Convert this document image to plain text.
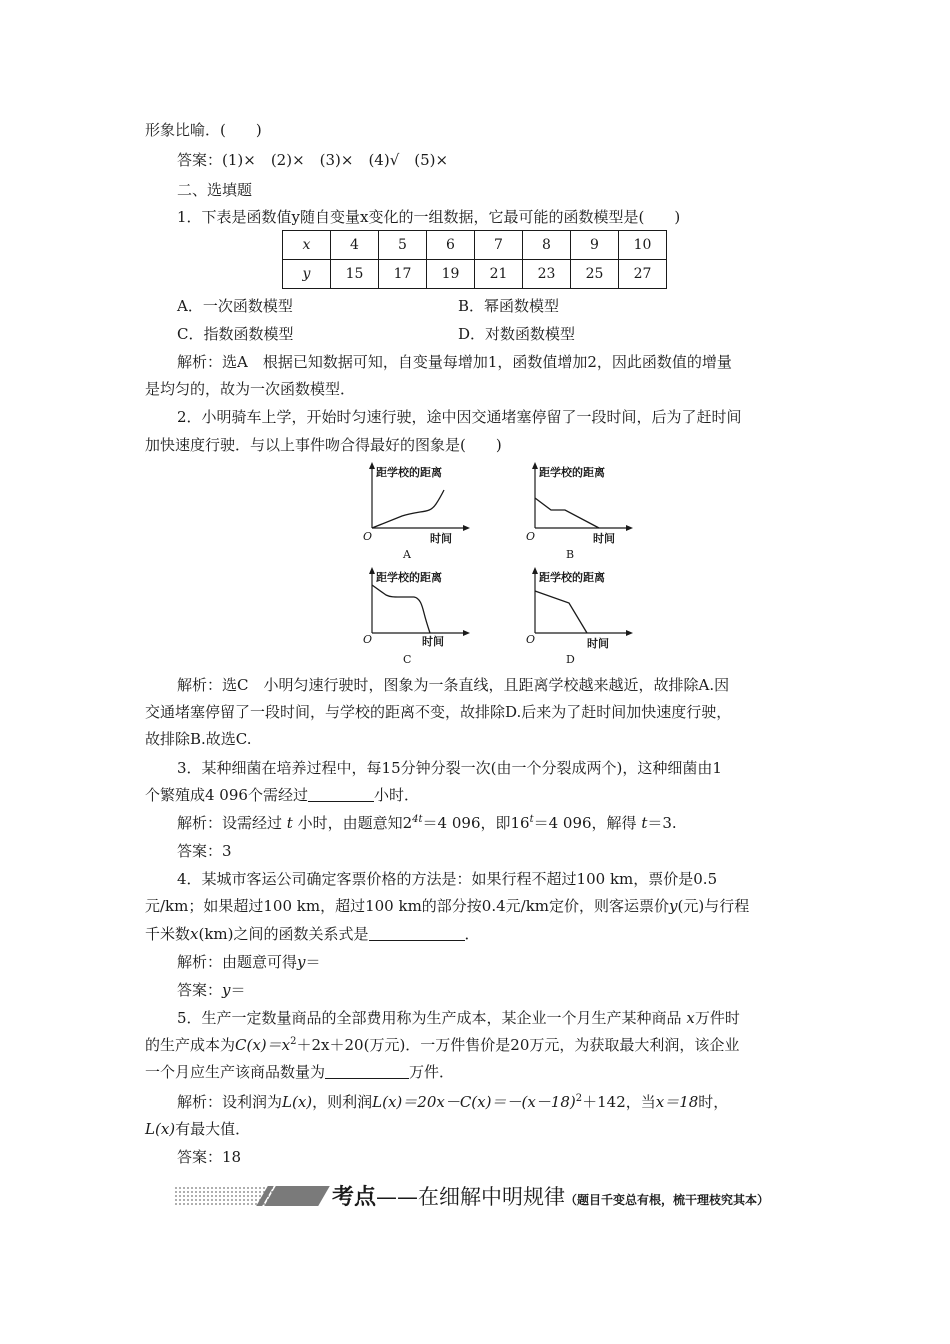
形象比喻．(　　)
答案：(1)×　(2)×　(3)×　(4)√　(5)×
二、选填题
1．下表是函数值y随自变量x变化的一组数据，它最可能的函数模型是(　　)
x	4	5	6	7	8	9	10
y	15	17	19	21	23	25	27
A．一次函数模型	B．幂函数模型
C．指数函数模型	D．对数函数模型
解析：选A　根据已知数据可知，自变量每增加1，函数值增加2，因此函数值的增量
是均匀的，故为一次函数模型．
2．小明骑车上学，开始时匀速行驶，途中因交通堵塞停留了一段时间，后为了赶时间
加快速度行驶．与以上事件吻合得最好的图象是(　　)
距学校的距离
O	时间
A
距学校的距离
O	时间
B
距学校的距离
O	时间
C
距学校的距离
O	时间
D
解析：选C　小明匀速行驶时，图象为一条直线，且距离学校越来越近，故排除A.因
交通堵塞停留了一段时间，与学校的距离不变，故排除D.后来为了赶时间加快速度行驶，
故排除B.故选C.
3．某种细菌在培养过程中，每15分钟分裂一次(由一个分裂成两个)，这种细菌由1
个繁殖成4 096个需经过	小时．
解析：设需经过 t 小时，由题意知$2^{4t}=4$ 096，即$16^t=4$ 096，解得 t＝3.
答案：3
4．某城市客运公司确定客票价格的方法是：如果行程不超过100 km，票价是0.5
元/km；如果超过100 km，超过100 km的部分按0.4元/km定价，则客运票价y(元)与行程
千米数x(km)之间的函数关系式是	．
解析：由题意可得y＝
答案：y＝
5．生产一定数量商品的全部费用称为生产成本，某企业一个月生产某种商品 x万件时
的生产成本为$C(x)=x^2+2x+20$(万元)．一万件售价是20万元，为获取最大利润，该企业
一个月应生产该商品数量为	万件．
解析：设利润为L(x)，则利润$L(x)=20x-C(x)=-(x-18)^2+142$，当x＝18时，
L(x)有最大值．
答案：18
考点——在细解中明规律（题目千变总有根，梳干理枝究其本）
